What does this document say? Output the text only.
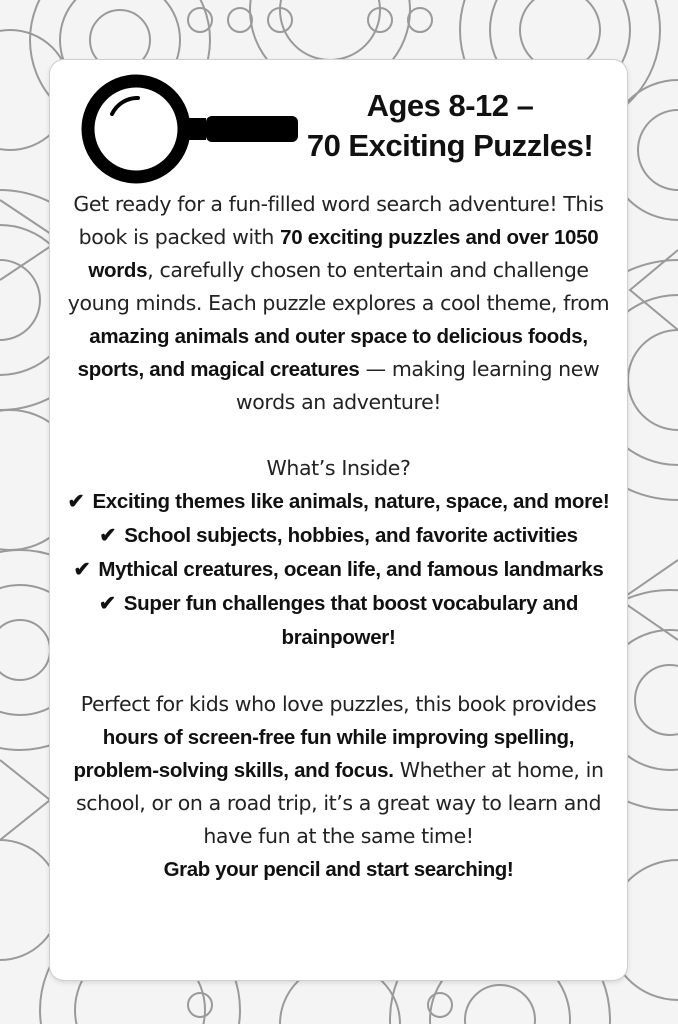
Ages 8-12 –
70 Exciting Puzzles!

Get ready for a fun-filled word search adventure! This book is packed with 70 exciting puzzles and over 1050 words, carefully chosen to entertain and challenge young minds. Each puzzle explores a cool theme, from amazing animals and outer space to delicious foods, sports, and magical creatures — making learning new words an adventure!

What’s Inside?

✔ Exciting themes like animals, nature, space, and more!

✔ School subjects, hobbies, and favorite activities

✔ Mythical creatures, ocean life, and famous landmarks

✔ Super fun challenges that boost vocabulary and brainpower!

Perfect for kids who love puzzles, this book provides hours of screen-free fun while improving spelling, problem-solving skills, and focus. Whether at home, in school, or on a road trip, it’s a great way to learn and have fun at the same time!

Grab your pencil and start searching!
